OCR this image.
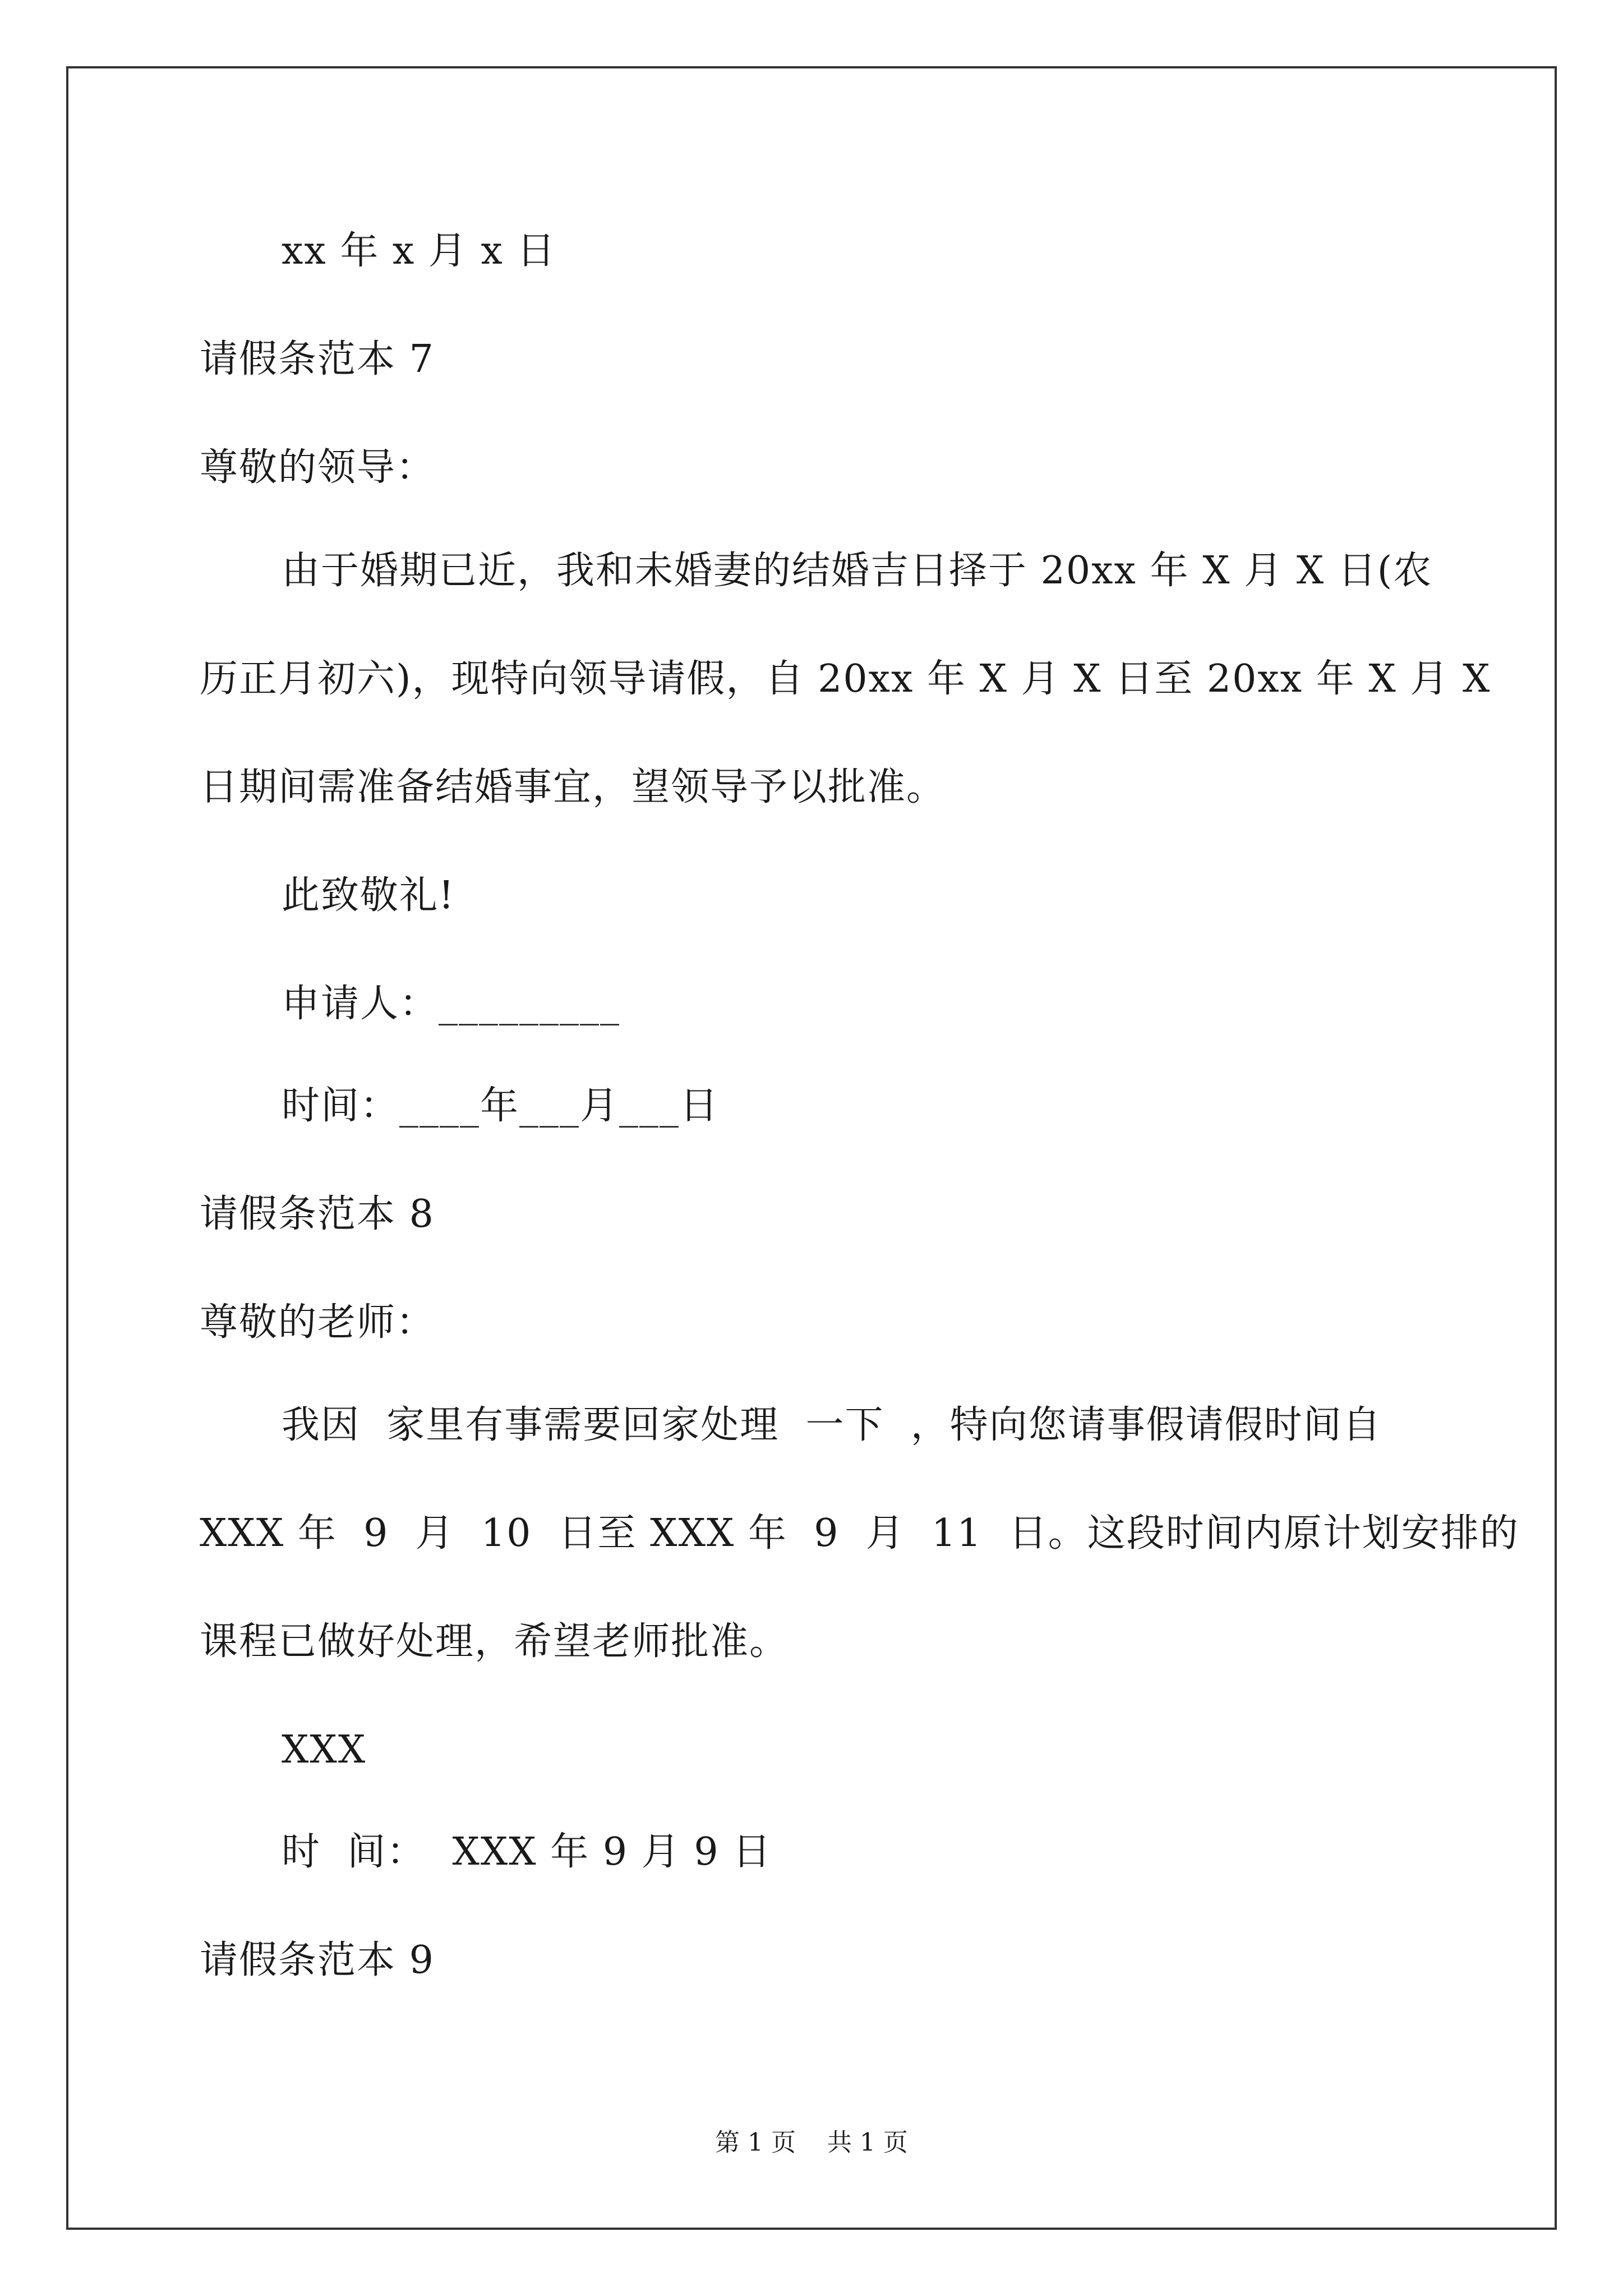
xx 年 x 月 x 日
请假条范本 7
尊敬的领导：
由于婚期已近，我和未婚妻的结婚吉日择于 20xx 年 X 月 X 日(农
历正月初六)，现特向领导请假，自 20xx 年 X 月 X 日至 20xx 年 X 月 X
日期间需准备结婚事宜，望领导予以批准。
此致敬礼!
申请人：_________
时间：____年___月___日
请假条范本 8
尊敬的老师：
我因  家里有事需要回家处理  一下  ，特向您请事假请假时间自
XXX 年  9  月  10  日至 XXX 年  9  月  11  日。这段时间内原计划安排的
课程已做好处理，希望老师批准。
XXX
时  间：  XXX 年 9 月 9 日
请假条范本 9
第 1 页    共 1 页
